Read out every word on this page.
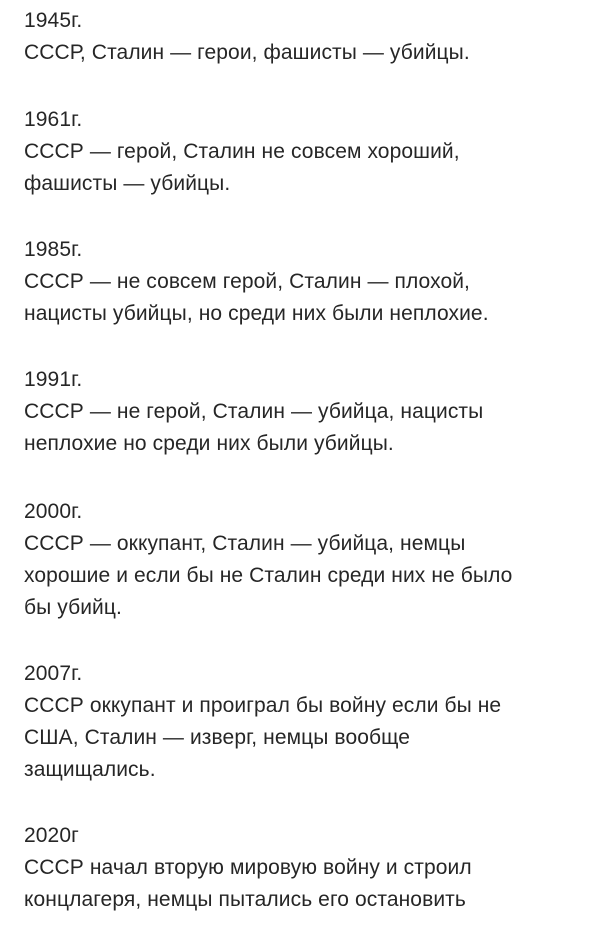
1945г.
СССР, Сталин — герои, фашисты — убийцы.
1961г.
СССР — герой, Сталин не совсем хороший,
фашисты — убийцы.
1985г.
СССР — не совсем герой, Сталин — плохой,
нацисты убийцы, но среди них были неплохие.
1991г.
СССР — не герой, Сталин — убийца, нацисты
неплохие но среди них были убийцы.
2000г.
СССР — оккупант, Сталин — убийца, немцы
хорошие и если бы не Сталин среди них не было
бы убийц.
2007г.
СССР оккупант и проиграл бы войну если бы не
США, Сталин — изверг, немцы вообще
защищались.
2020г
СССР начал вторую мировую войну и строил
концлагеря, немцы пытались его остановить
